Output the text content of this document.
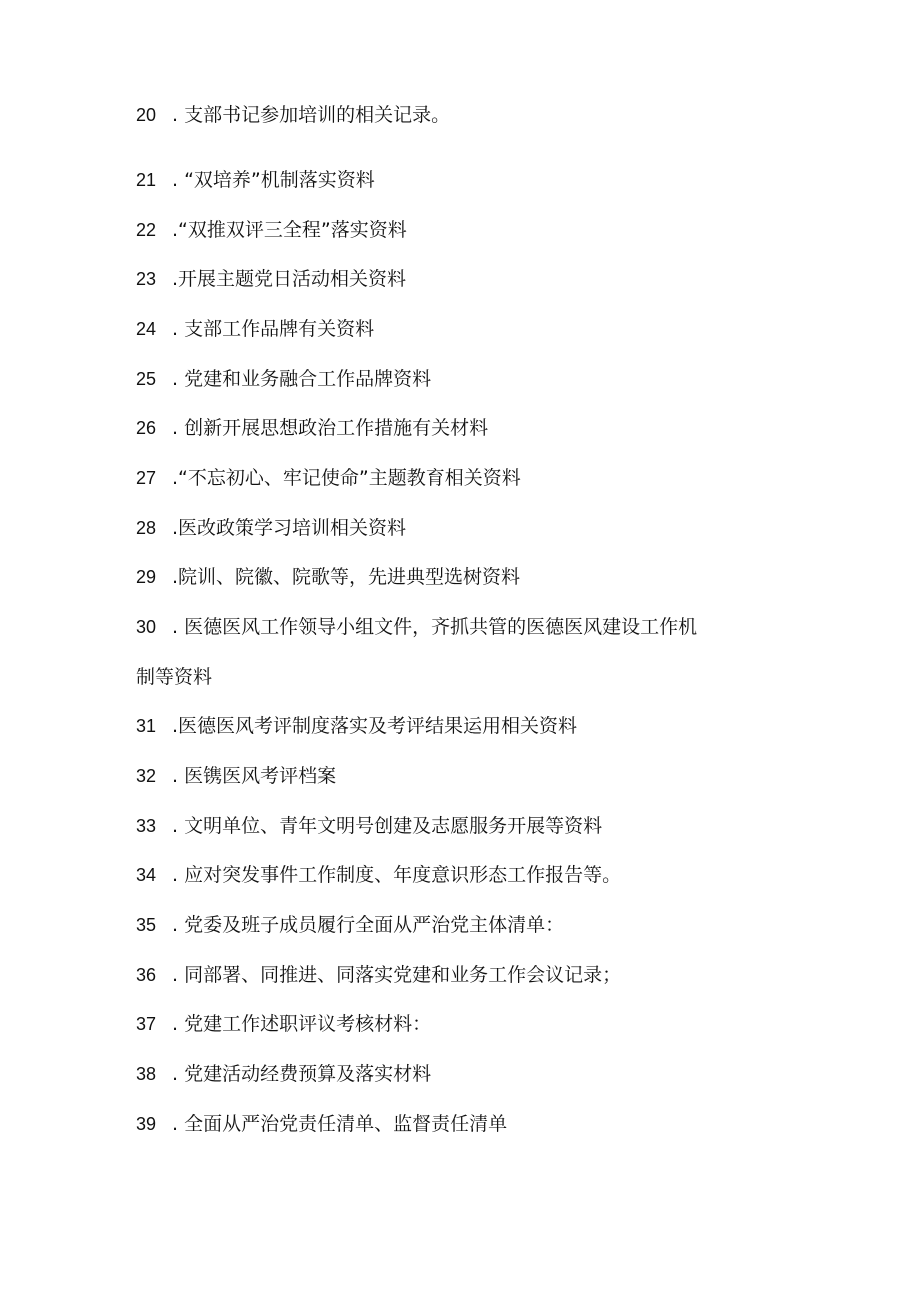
20 . 支部书记参加培训的相关记录。
21 . “双培养”机制落实资料
22 .“双推双评三全程”落实资料
23 .开展主题党日活动相关资料
24 . 支部工作品牌有关资料
25 . 党建和业务融合工作品牌资料
26 . 创新开展思想政治工作措施有关材料
27 .“不忘初心、牢记使命”主题教育相关资料
28 .医改政策学习培训相关资料
29 .院训、院徽、院歌等，先进典型选树资料
30 . 医德医风工作领导小组文件，齐抓共管的医德医风建设工作机
制等资料
31 .医德医风考评制度落实及考评结果运用相关资料
32 . 医镌医风考评档案
33 . 文明单位、青年文明号创建及志愿服务开展等资料
34 . 应对突发事件工作制度、年度意识形态工作报告等。
35 . 党委及班子成员履行全面从严治党主体清单：
36 . 同部署、同推进、同落实党建和业务工作会议记录；
37 . 党建工作述职评议考核材料：
38 . 党建活动经费预算及落实材料
39 . 全面从严治党责任清单、监督责任清单
